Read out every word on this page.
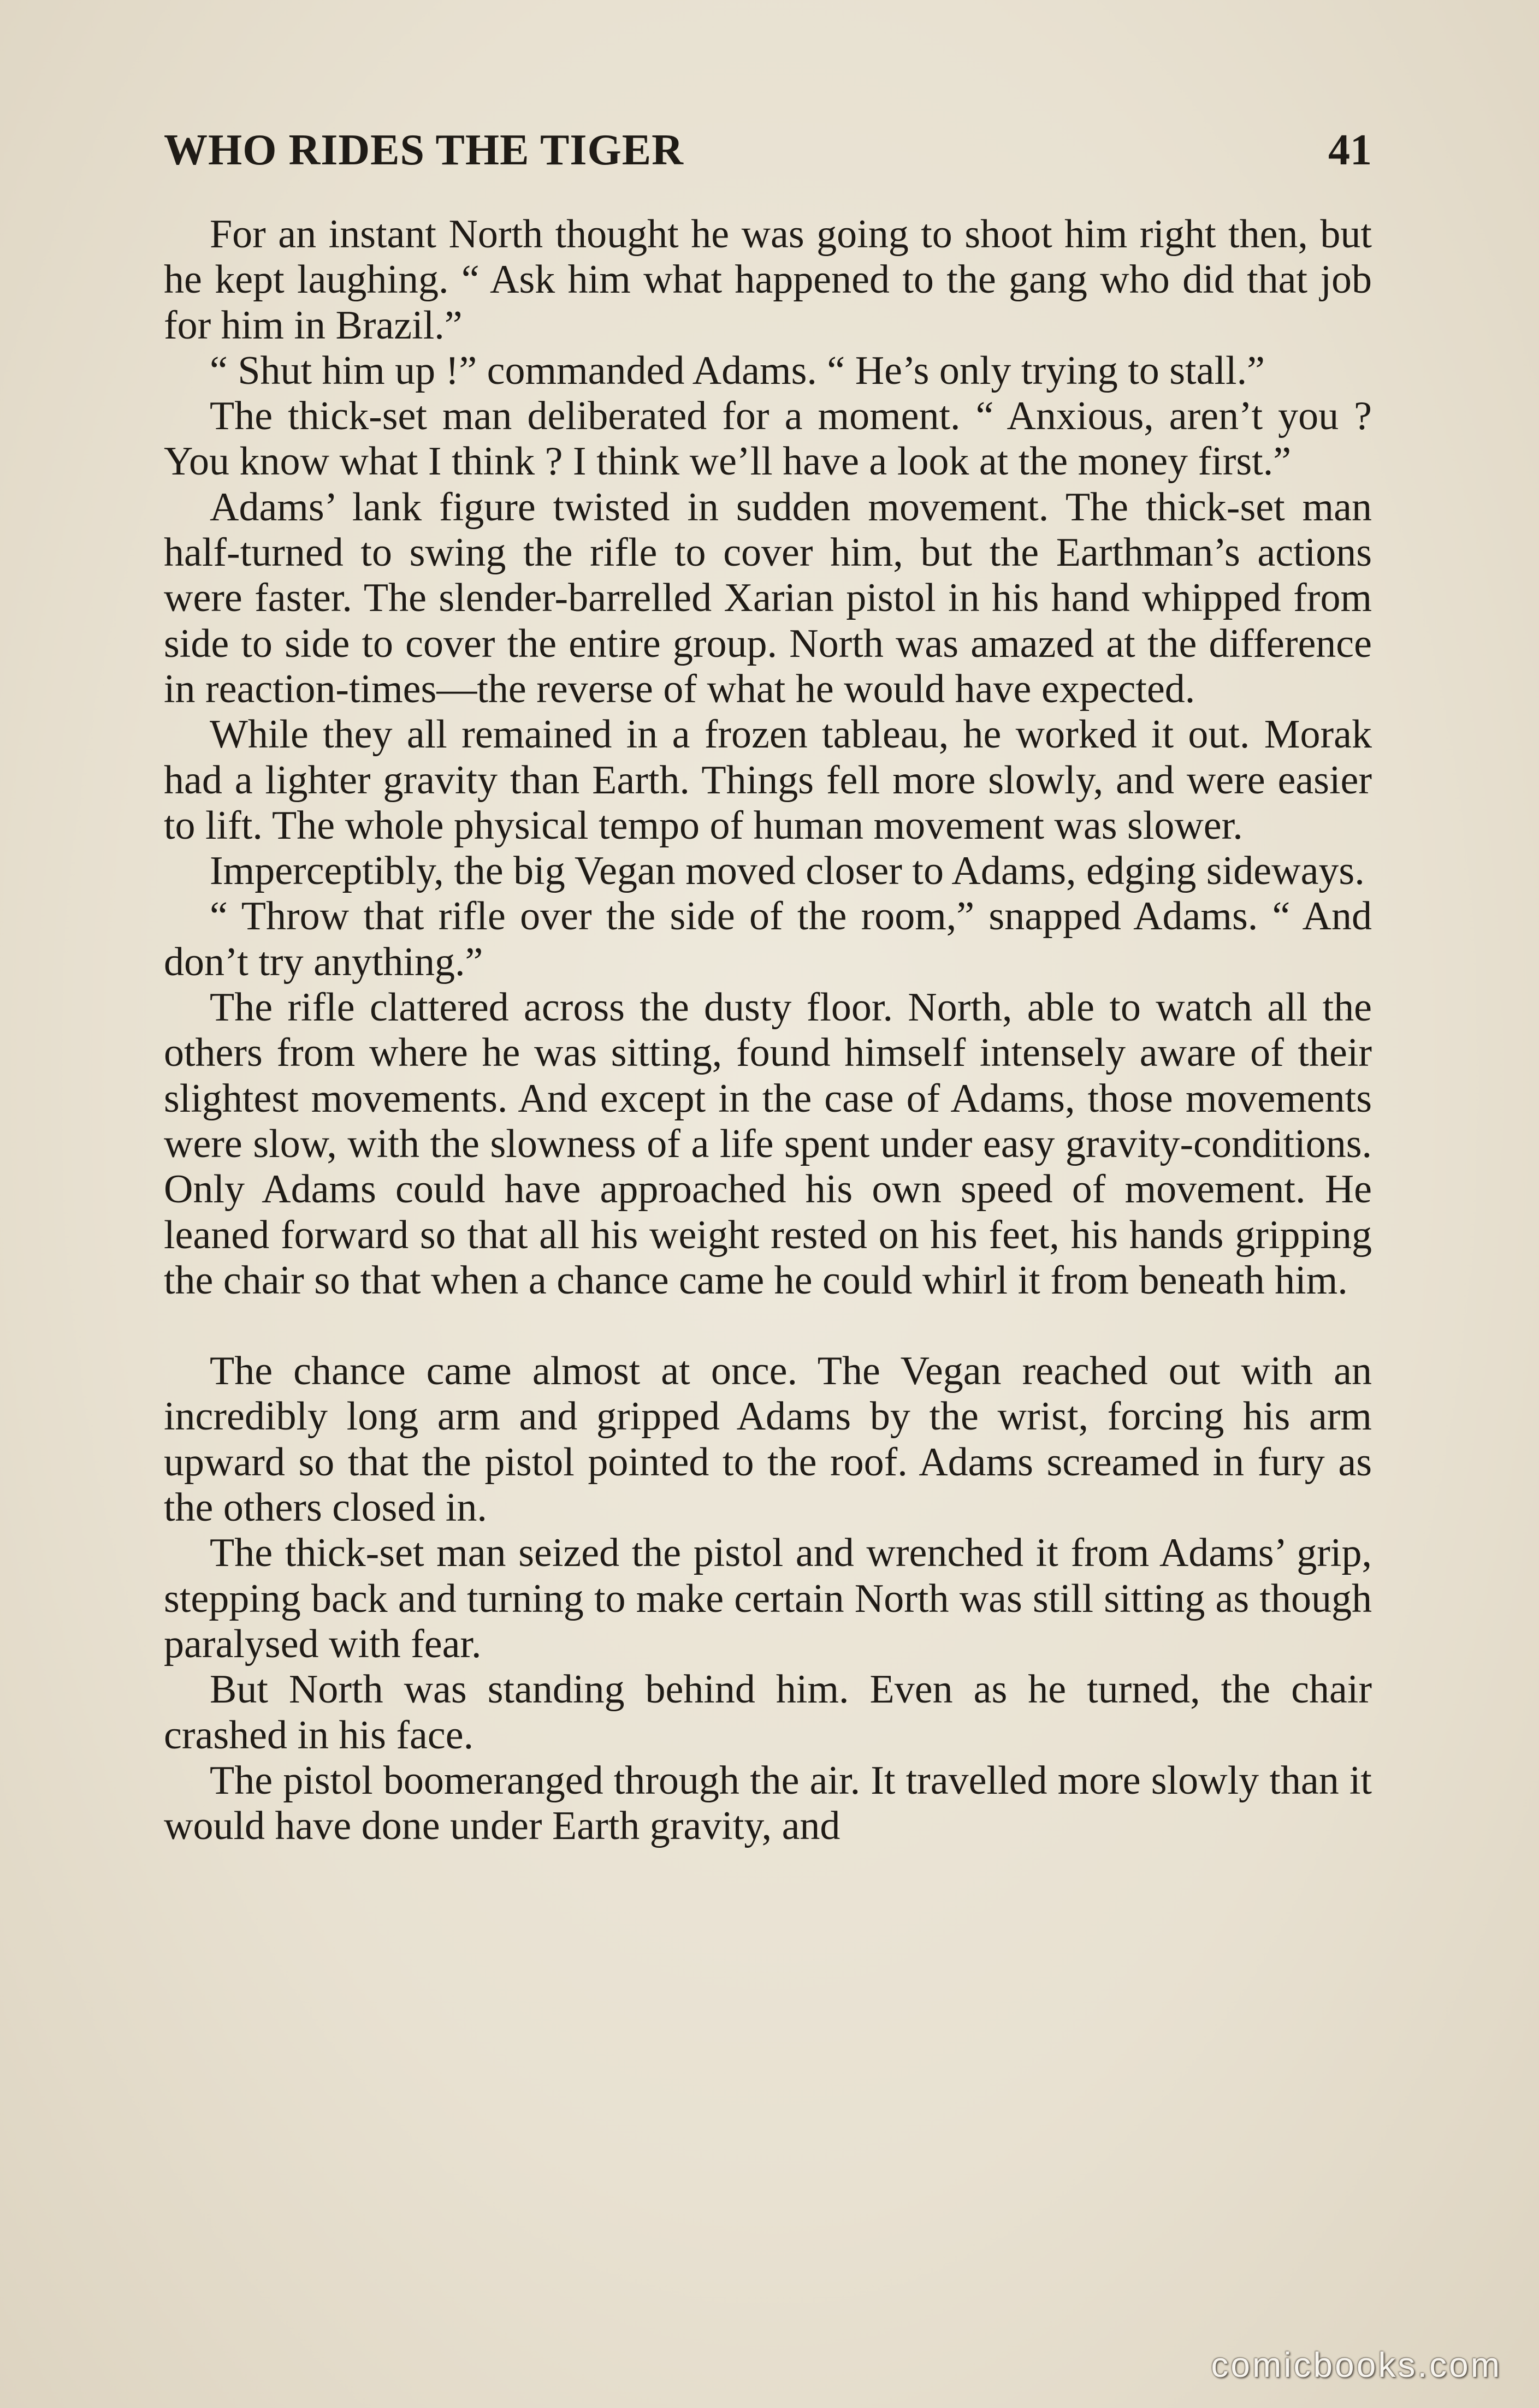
WHO RIDES THE TIGER	41

For an instant North thought he was going to shoot him right then, but he kept laughing. “ Ask him what happened to the gang who did that job for him in Brazil.”

“ Shut him up !” commanded Adams. “ He’s only trying to stall.”

The thick-set man deliberated for a moment. “ Anxious, aren’t you ? You know what I think ? I think we’ll have a look at the money first.”

Adams’ lank figure twisted in sudden movement. The thick-set man half-turned to swing the rifle to cover him, but the Earthman’s actions were faster. The slender-barrelled Xarian pistol in his hand whipped from side to side to cover the entire group. North was amazed at the difference in reaction-times—the reverse of what he would have expected.

While they all remained in a frozen tableau, he worked it out. Morak had a lighter gravity than Earth. Things fell more slowly, and were easier to lift. The whole physical tempo of human movement was slower.

Imperceptibly, the big Vegan moved closer to Adams, edging sideways.

“ Throw that rifle over the side of the room,” snapped Adams. “ And don’t try anything.”

The rifle clattered across the dusty floor. North, able to watch all the others from where he was sitting, found himself intensely aware of their slightest movements. And except in the case of Adams, those movements were slow, with the slowness of a life spent under easy gravity-conditions. Only Adams could have approached his own speed of movement. He leaned forward so that all his weight rested on his feet, his hands gripping the chair so that when a chance came he could whirl it from beneath him.

The chance came almost at once. The Vegan reached out with an incredibly long arm and gripped Adams by the wrist, forcing his arm upward so that the pistol pointed to the roof. Adams screamed in fury as the others closed in.

The thick-set man seized the pistol and wrenched it from Adams’ grip, stepping back and turning to make certain North was still sitting as though paralysed with fear.

But North was standing behind him. Even as he turned, the chair crashed in his face.

The pistol boomeranged through the air. It travelled more slowly than it would have done under Earth gravity, and

comicbooks.com
